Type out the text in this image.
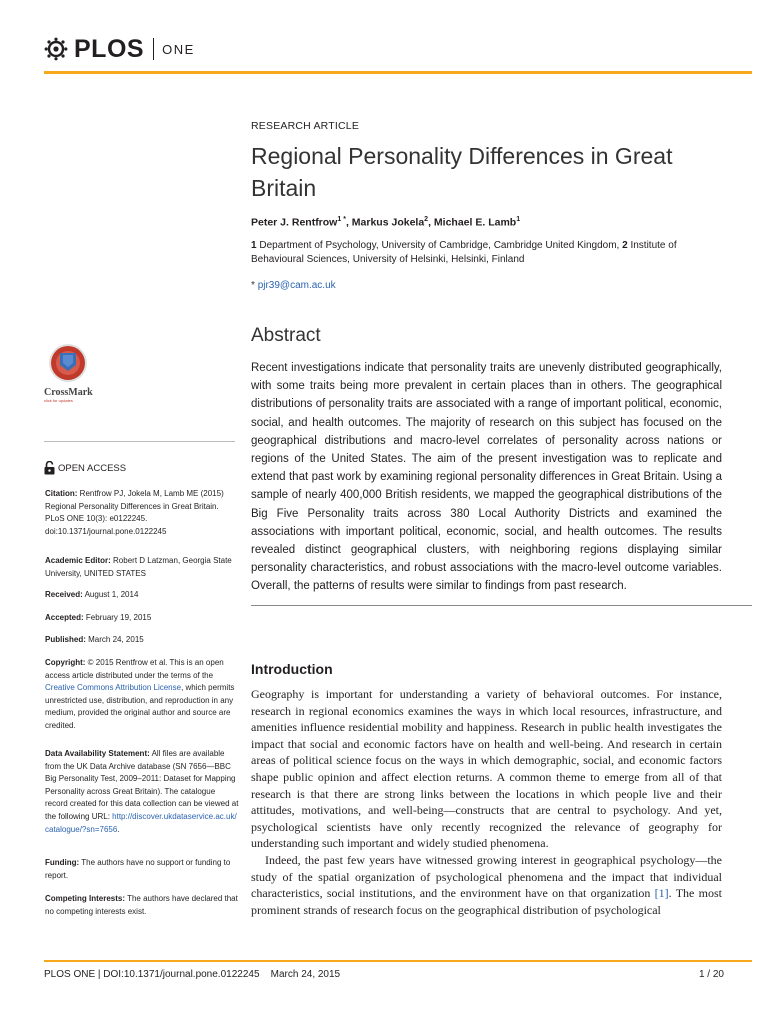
PLOS ONE
RESEARCH ARTICLE
Regional Personality Differences in Great Britain
Peter J. Rentfrow$^{1 *}$, Markus Jokela$^2$, Michael E. Lamb$^1$
1 Department of Psychology, University of Cambridge, Cambridge United Kingdom, 2 Institute of Behavioural Sciences, University of Helsinki, Helsinki, Finland
* pjr39@cam.ac.uk
Abstract
Recent investigations indicate that personality traits are unevenly distributed geographically, with some traits being more prevalent in certain places than in others. The geographical distributions of personality traits are associated with a range of important political, economic, social, and health outcomes. The majority of research on this subject has focused on the geographical distributions and macro-level correlates of personality across nations or regions of the United States. The aim of the present investigation was to replicate and extend that past work by examining regional personality differences in Great Britain. Using a sample of nearly 400,000 British residents, we mapped the geographical distributions of the Big Five Personality traits across 380 Local Authority Districts and examined the associations with important political, economic, social, and health outcomes. The results revealed distinct geographical clusters, with neighboring regions displaying similar personality characteristics, and robust associations with the macro-level outcome variables. Overall, the patterns of results were similar to findings from past research.
Introduction

Geography is important for understanding a variety of behavioral outcomes. For instance, research in regional economics examines the ways in which local resources, infrastructure, and amenities influence residential mobility and happiness. Research in public health investigates the impact that social and economic factors have on health and well-being. And research in certain areas of political science focus on the ways in which demographic, social, and economic factors shape public opinion and affect election returns. A common theme to emerge from all of that research is that there are strong links between the locations in which people live and their attitudes, motivations, and well-being—constructs that are central to psychology. And yet, psychological scientists have only recently recognized the relevance of geography for understanding such important and widely studied phenomena.

Indeed, the past few years have witnessed growing interest in geographical psychology—the study of the spatial organization of psychological phenomena and the impact that individual characteristics, social institutions, and the environment have on that organization [1]. The most prominent strands of research focus on the geographical distribution of psychological

CrossMark
click for updates
OPEN ACCESS
Citation: Rentfrow PJ, Jokela M, Lamb ME (2015) Regional Personality Differences in Great Britain. PLoS ONE 10(3): e0122245. doi:10.1371/journal.pone.0122245
Academic Editor: Robert D Latzman, Georgia State University, UNITED STATES
Received: August 1, 2014
Accepted: February 19, 2015
Published: March 24, 2015
Copyright: © 2015 Rentfrow et al. This is an open access article distributed under the terms of the Creative Commons Attribution License, which permits unrestricted use, distribution, and reproduction in any medium, provided the original author and source are credited.
Data Availability Statement: All files are available from the UK Data Archive database (SN 7656—BBC Big Personality Test, 2009–2011: Dataset for Mapping Personality across Great Britain). The catalogue record created for this data collection can be viewed at the following URL: http://discover.ukdataservice.ac.uk/catalogue/?sn=7656.
Funding: The authors have no support or funding to report.
Competing Interests: The authors have declared that no competing interests exist.
PLOS ONE | DOI:10.1371/journal.pone.0122245    March 24, 2015	1 / 20
